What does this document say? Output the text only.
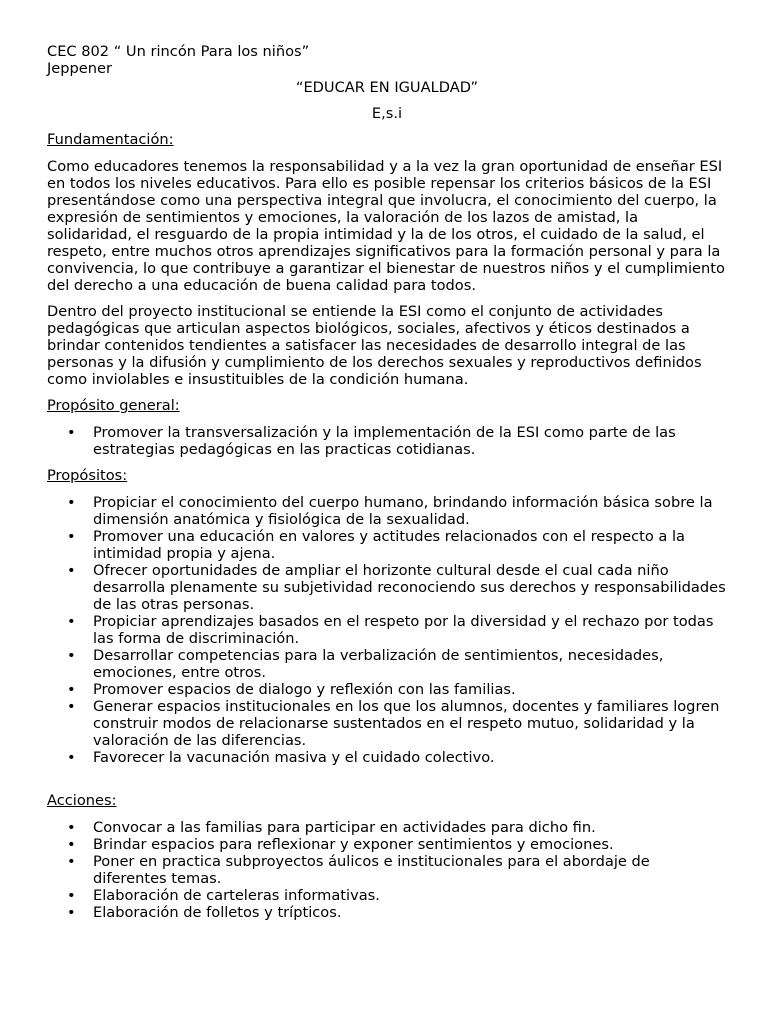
CEC 802 “ Un rincón Para los niños”

Jeppener

“EDUCAR EN IGUALDAD”

E,s.i

Fundamentación:

Como educadores tenemos la responsabilidad y a la vez la gran oportunidad de enseñar ESI en todos los niveles educativos. Para ello es posible repensar los criterios básicos de la ESI presentándose como una perspectiva integral que involucra, el conocimiento del cuerpo, la expresión de sentimientos y emociones, la valoración de los lazos de amistad, la solidaridad, el resguardo de la propia intimidad y la de los otros, el cuidado de la salud, el respeto, entre muchos otros aprendizajes significativos para la formación personal y para la convivencia, lo que contribuye a garantizar el bienestar de nuestros niños y el cumplimiento del derecho a una educación de buena calidad para todos.

Dentro del proyecto institucional se entiende la ESI como el conjunto de actividades pedagógicas que articulan aspectos biológicos, sociales, afectivos y éticos destinados a brindar contenidos tendientes a satisfacer las necesidades de desarrollo integral de las personas y la difusión y cumplimiento de los derechos sexuales y reproductivos definidos como inviolables e insustituibles de la condición humana.

Propósito general:

• Promover la transversalización y la implementación de la ESI como parte de las estrategias pedagógicas en las practicas cotidianas.

Propósitos:

• Propiciar el conocimiento del cuerpo humano, brindando información básica sobre la dimensión anatómica y fisiológica de la sexualidad.
• Promover una educación en valores y actitudes relacionados con el respecto a la intimidad propia y ajena.
• Ofrecer oportunidades de ampliar el horizonte cultural desde el cual cada niño desarrolla plenamente su subjetividad reconociendo sus derechos y responsabilidades de las otras personas.
• Propiciar aprendizajes basados en el respeto por la diversidad y el rechazo por todas las forma de discriminación.
• Desarrollar competencias para la verbalización de sentimientos, necesidades, emociones, entre otros.
• Promover espacios de dialogo y reflexión con las familias.
• Generar espacios institucionales en los que los alumnos, docentes y familiares logren construir modos de relacionarse sustentados en el respeto mutuo, solidaridad y la valoración de las diferencias.
• Favorecer la vacunación masiva y el cuidado colectivo.

Acciones:

• Convocar a las familias para participar en actividades para dicho fin.
• Brindar espacios para reflexionar y exponer sentimientos y emociones.
• Poner en practica subproyectos áulicos e institucionales para el abordaje de diferentes temas.
• Elaboración de carteleras informativas.
• Elaboración de folletos y trípticos.
